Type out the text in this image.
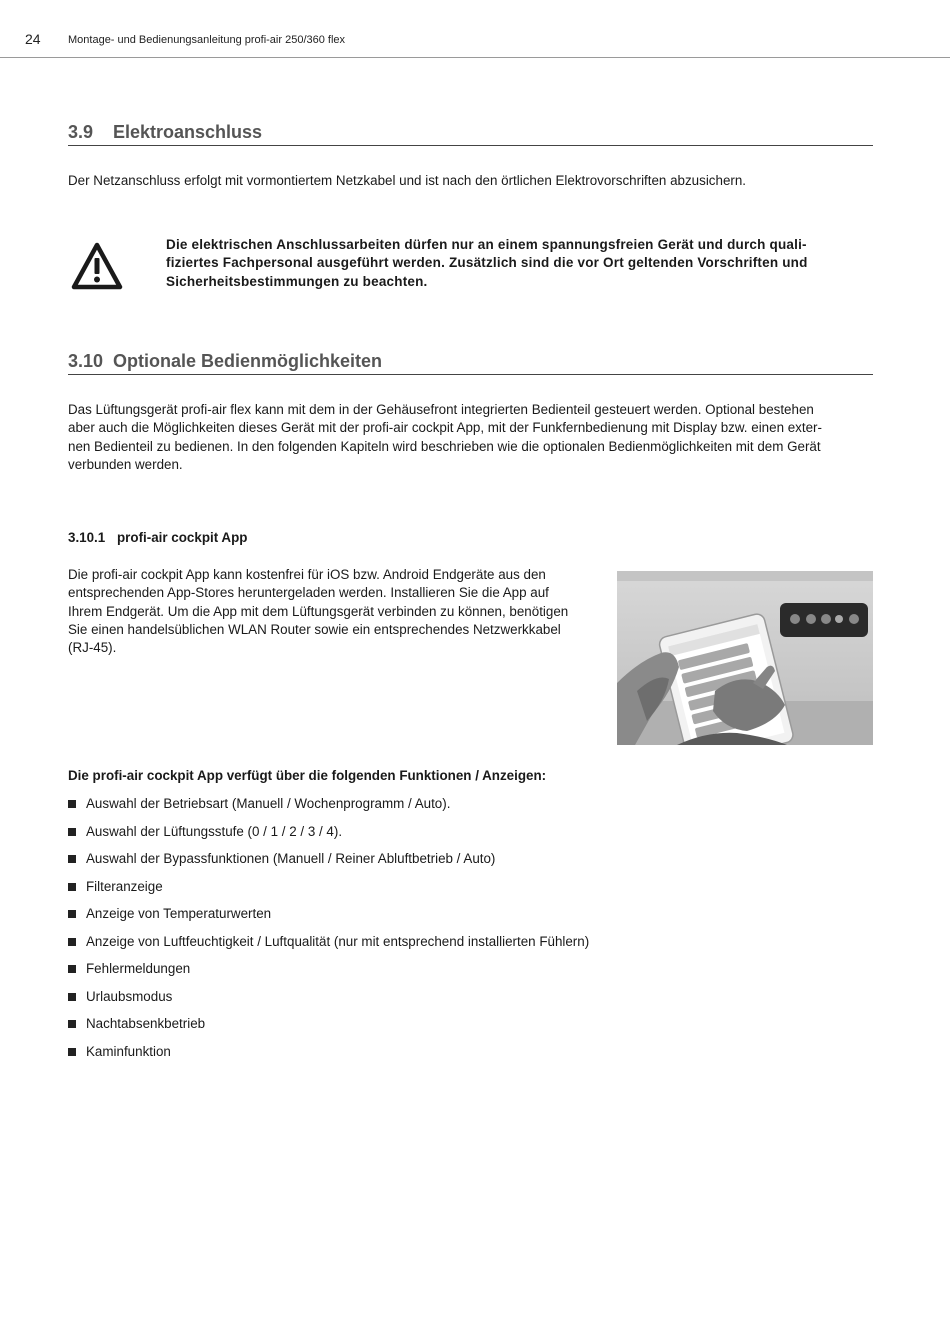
24 Montage- und Bedienungsanleitung profi-air 250/360 flex
3.9 Elektroanschluss
Der Netzanschluss erfolgt mit vormontiertem Netzkabel und ist nach den örtlichen Elektrovorschriften abzusichern.
Die elektrischen Anschlussarbeiten dürfen nur an einem spannungsfreien Gerät und durch quali-
fiziertes Fachpersonal ausgeführt werden. Zusätzlich sind die vor Ort geltenden Vorschriften und
Sicherheitsbestimmungen zu beachten.
3.10 Optionale Bedienmöglichkeiten
Das Lüftungsgerät profi-air flex kann mit dem in der Gehäusefront integrierten Bedienteil gesteuert werden. Optional bestehen
aber auch die Möglichkeiten dieses Gerät mit der profi-air cockpit App, mit der Funkfernbedienung mit Display bzw. einen exter-
nen Bedienteil zu bedienen. In den folgenden Kapiteln wird beschrieben wie die optionalen Bedienmöglichkeiten mit dem Gerät
verbunden werden.
3.10.1 profi-air cockpit App
Die profi-air cockpit App kann kostenfrei für iOS bzw. Android Endgeräte aus den
entsprechenden App-Stores heruntergeladen werden. Installieren Sie die App auf
Ihrem Endgerät. Um die App mit dem Lüftungsgerät verbinden zu können, benötigen
Sie einen handelsüblichen WLAN Router sowie ein entsprechendes Netzwerkkabel
(RJ-45).
Die profi-air cockpit App verfügt über die folgenden Funktionen / Anzeigen:
Auswahl der Betriebsart (Manuell / Wochenprogramm / Auto).
Auswahl der Lüftungsstufe (0 / 1 / 2 / 3 / 4).
Auswahl der Bypassfunktionen (Manuell / Reiner Abluftbetrieb / Auto)
Filteranzeige
Anzeige von Temperaturwerten
Anzeige von Luftfeuchtigkeit / Luftqualität (nur mit entsprechend installierten Fühlern)
Fehlermeldungen
Urlaubsmodus
Nachtabsenkbetrieb
Kaminfunktion
